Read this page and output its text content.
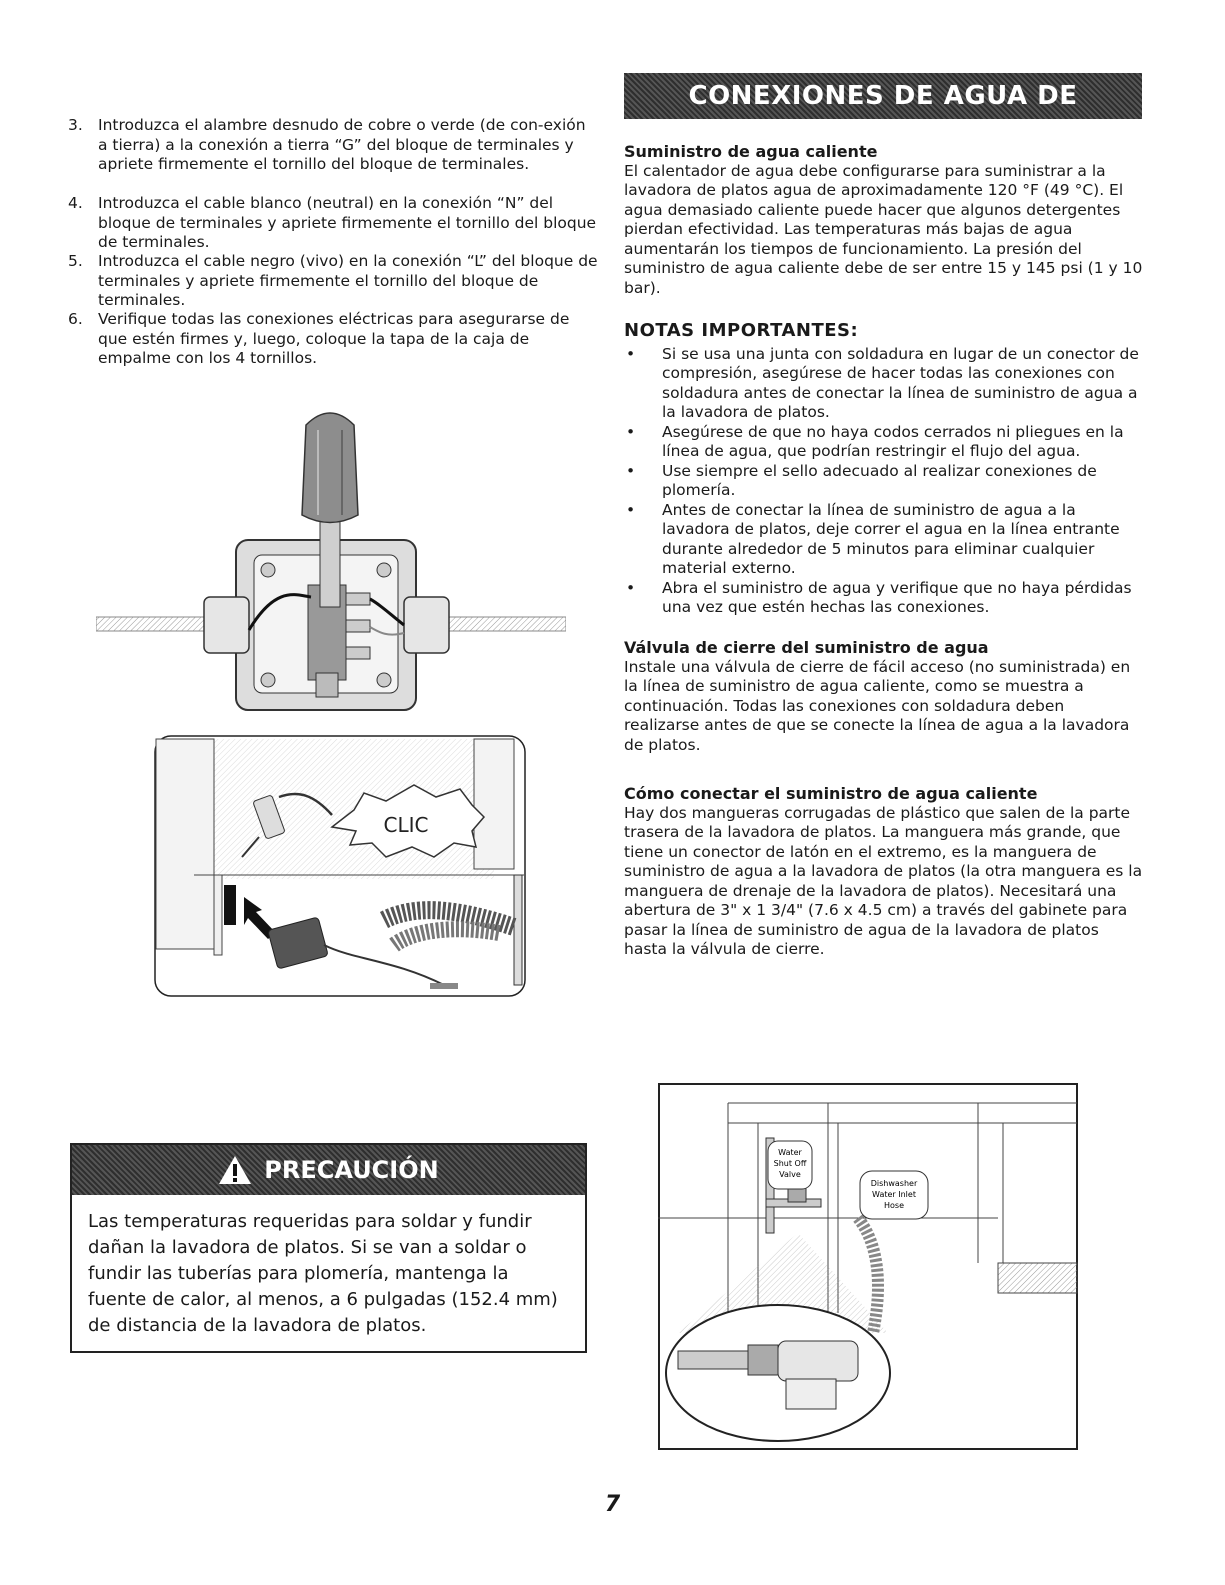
3. Introduzca el alambre desnudo de cobre o verde (de con-exión a tierra) a la conexión a tierra “G” del bloque de terminales y apriete firmemente el tornillo del bloque de terminales.
4. Introduzca el cable blanco (neutral) en la conexión “N” del bloque de terminales y apriete firmemente el tornillo del bloque de terminales.
5. Introduzca el cable negro (vivo) en la conexión “L” del bloque de terminales y apriete firmemente el tornillo del bloque de terminales.
6. Verifique todas las conexiones eléctricas para asegurarse de que estén firmes y, luego, coloque la tapa de la caja de empalme con los 4 tornillos.
CLIC
PRECAUCIÓN
Las temperaturas requeridas para soldar y fundir dañan la lavadora de platos. Si se van a soldar o fundir las tuberías para plomería, mantenga la fuente de calor, al menos, a 6 pulgadas (152.4 mm) de distancia de la lavadora de platos.
CONEXIONES DE AGUA DE ENTRADA
Suministro de agua caliente
El calentador de agua debe configurarse para suministrar a la lavadora de platos agua de aproximadamente 120 °F (49 °C). El agua demasiado caliente puede hacer que algunos detergentes pierdan efectividad. Las temperaturas más bajas de agua aumentarán los tiempos de funcionamiento. La presión del suministro de agua caliente debe de ser entre 15 y 145 psi (1 y 10 bar).
NOTAS IMPORTANTES:
•	Si se usa una junta con soldadura en lugar de un conector de compresión, asegúrese de hacer todas las conexiones con soldadura antes de conectar la línea de suministro de agua a la lavadora de platos.
•	Asegúrese de que no haya codos cerrados ni pliegues en la línea de agua, que podrían restringir el flujo del agua.
•	Use siempre el sello adecuado al realizar conexiones de plomería.
•	Antes de conectar la línea de suministro de agua a la lavadora de platos, deje correr el agua en la línea entrante durante alrededor de 5 minutos para eliminar cualquier material externo.
•	Abra el suministro de agua y verifique que no haya pérdidas una vez que estén hechas las conexiones.
Válvula de cierre del suministro de agua
Instale una válvula de cierre de fácil acceso (no suministrada) en la línea de suministro de agua caliente, como se muestra a continuación. Todas las conexiones con soldadura deben realizarse antes de que se conecte la línea de agua a la lavadora de platos.
Cómo conectar el suministro de agua caliente
Hay dos mangueras corrugadas de plástico que salen de la parte trasera de la lavadora de platos. La manguera más grande, que tiene un conector de latón en el extremo, es la manguera de suministro de agua a la lavadora de platos (la otra manguera es la manguera de drenaje de la lavadora de platos). Necesitará una abertura de 3" x 1 3/4" (7.6 x 4.5 cm) a través del gabinete para pasar la línea de suministro de agua de la lavadora de platos hasta la válvula de cierre.
Water
Shut Off
Valve
Dishwasher
Water Inlet
Hose
7
